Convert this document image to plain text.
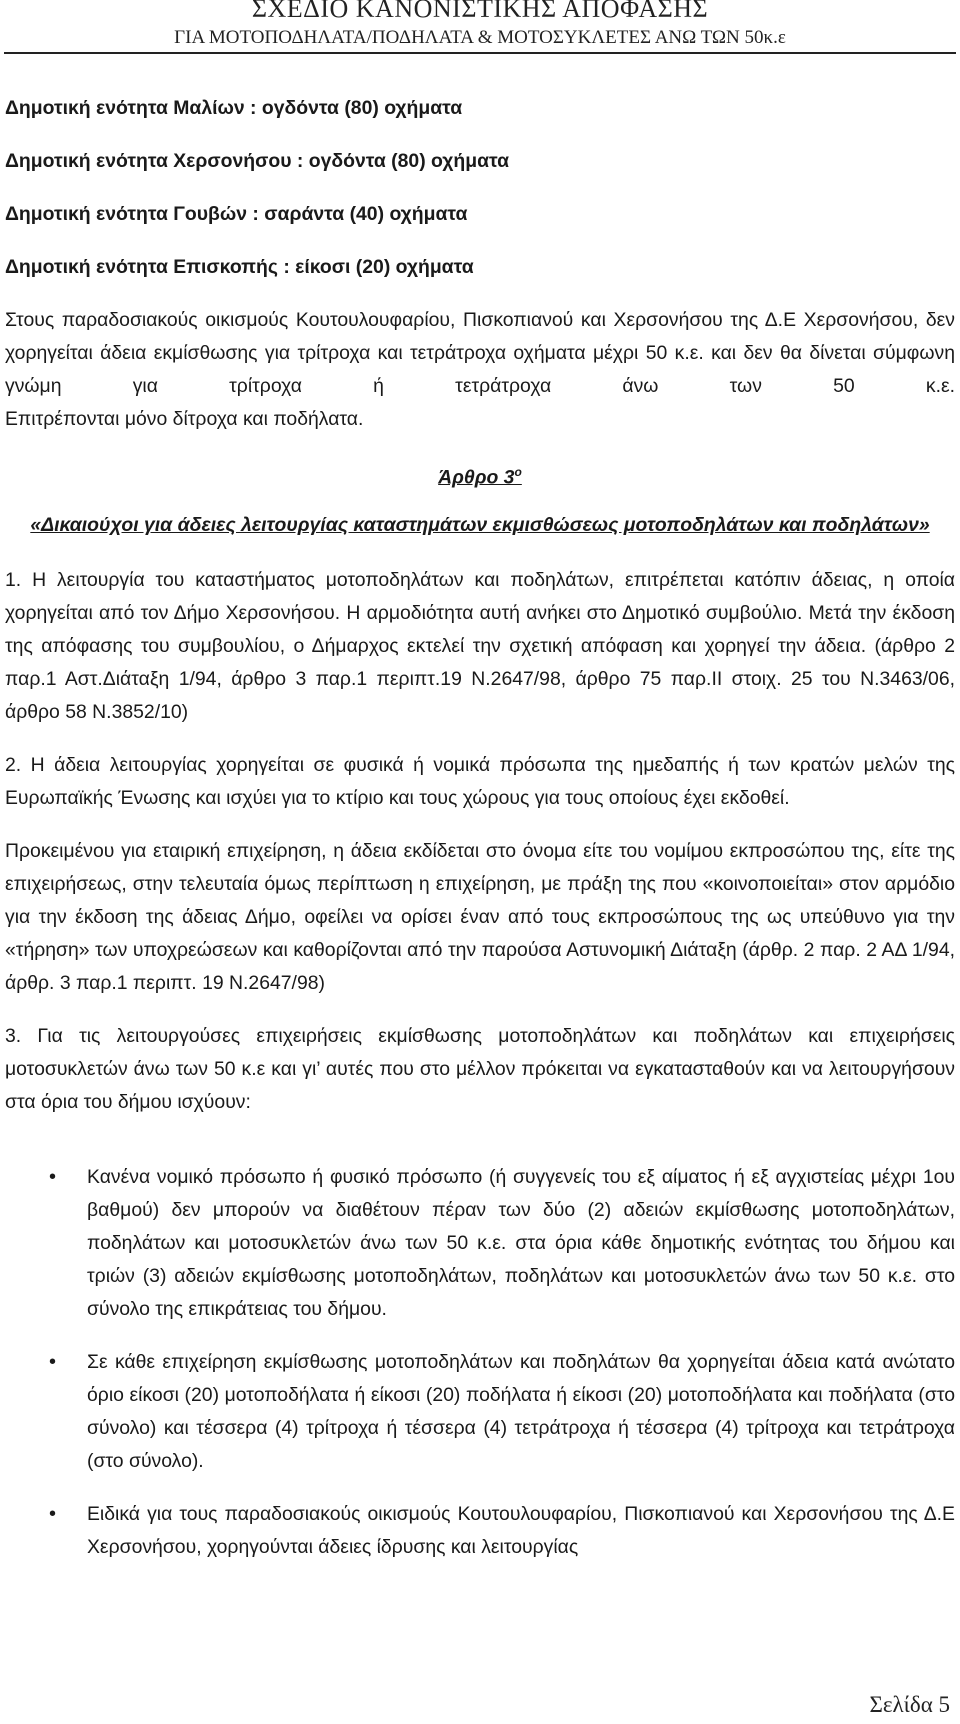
ΣΧΕΔΙΟ ΚΑΝΟΝΙΣΤΙΚΗΣ ΑΠΟΦΑΣΗΣ
ΓΙΑ ΜΟΤΟΠΟΔΗΛΑΤΑ/ΠΟΔΗΛΑΤΑ & ΜΟΤΟΣΥΚΛΕΤΕΣ ΑΝΩ ΤΩΝ 50κ.ε

Δημοτική ενότητα Μαλίων : ογδόντα (80) οχήματα

Δημοτική ενότητα Χερσονήσου : ογδόντα (80) οχήματα

Δημοτική ενότητα Γουβών : σαράντα (40) οχήματα

Δημοτική ενότητα Επισκοπής : είκοσι (20) οχήματα

Στους παραδοσιακούς οικισμούς Κουτουλουφαρίου, Πισκοπιανού και Χερσονήσου της Δ.Ε Χερσονήσου, δεν χορηγείται άδεια εκμίσθωσης για τρίτροχα και τετράτροχα οχήματα μέχρι 50 κ.ε. και δεν θα δίνεται σύμφωνη γνώμη για τρίτροχα ή τετράτροχα άνω των 50 κ.ε.

Επιτρέπονται μόνο δίτροχα και ποδήλατα.

Άρθρο $3^o$

«Δικαιούχοι για άδειες λειτουργίας καταστημάτων εκμισθώσεως μοτοποδηλάτων και ποδηλάτων»

1. Η λειτουργία του καταστήματος μοτοποδηλάτων και ποδηλάτων, επιτρέπεται κατόπιν άδειας, η οποία χορηγείται από τον Δήμο Χερσονήσου. Η αρμοδιότητα αυτή ανήκει στο Δημοτικό συμβούλιο. Μετά την έκδοση της απόφασης του συμβουλίου, ο Δήμαρχος εκτελεί την σχετική απόφαση και χορηγεί την άδεια. (άρθρο 2 παρ.1 Αστ.Διάταξη 1/94, άρθρο 3 παρ.1 περιπτ.19 Ν.2647/98, άρθρο 75 παρ.ΙΙ στοιχ. 25 του Ν.3463/06, άρθρο 58 Ν.3852/10)

2. Η άδεια λειτουργίας χορηγείται σε φυσικά ή νομικά πρόσωπα της ημεδαπής ή των κρατών μελών της Ευρωπαϊκής Ένωσης και ισχύει για το κτίριο και τους χώρους για τους οποίους έχει εκδοθεί.

Προκειμένου για εταιρική επιχείρηση, η άδεια εκδίδεται στο όνομα είτε του νομίμου εκπροσώπου της, είτε της επιχειρήσεως, στην τελευταία όμως περίπτωση η επιχείρηση, με πράξη της που «κοινοποιείται» στον αρμόδιο για την έκδοση της άδειας Δήμο, οφείλει να ορίσει έναν από τους εκπροσώπους της ως υπεύθυνο για την «τήρηση» των υποχρεώσεων και καθορίζονται από την παρούσα Αστυνομική Διάταξη (άρθρ. 2 παρ. 2 ΑΔ 1/94, άρθρ. 3 παρ.1 περιπτ. 19 Ν.2647/98)

3. Για τις λειτουργούσες επιχειρήσεις εκμίσθωσης μοτοποδηλάτων και ποδηλάτων και επιχειρήσεις μοτοσυκλετών άνω των 50 κ.ε και γι’ αυτές που στο μέλλον πρόκειται να εγκατασταθούν και να λειτουργήσουν στα όρια του δήμου ισχύουν:

• Κανένα νομικό πρόσωπο ή φυσικό πρόσωπο (ή συγγενείς του εξ αίματος ή εξ αγχιστείας μέχρι 1ου βαθμού) δεν μπορούν να διαθέτουν πέραν των δύο (2) αδειών εκμίσθωσης μοτοποδηλάτων, ποδηλάτων και μοτοσυκλετών άνω των 50 κ.ε. στα όρια κάθε δημοτικής ενότητας του δήμου και τριών (3) αδειών εκμίσθωσης μοτοποδηλάτων, ποδηλάτων και μοτοσυκλετών άνω των 50 κ.ε. στο σύνολο της επικράτειας του δήμου.
• Σε κάθε επιχείρηση εκμίσθωσης μοτοποδηλάτων και ποδηλάτων θα χορηγείται άδεια κατά ανώτατο όριο είκοσι (20) μοτοποδήλατα ή είκοσι (20) ποδήλατα ή είκοσι (20) μοτοποδήλατα και ποδήλατα (στο σύνολο) και τέσσερα (4) τρίτροχα ή τέσσερα (4) τετράτροχα ή τέσσερα (4) τρίτροχα και τετράτροχα (στο σύνολο).
• Ειδικά για τους παραδοσιακούς οικισμούς Κουτουλουφαρίου, Πισκοπιανού και Χερσονήσου της Δ.Ε Χερσονήσου, χορηγούνται άδειες ίδρυσης και λειτουργίας
Σελίδα 5
